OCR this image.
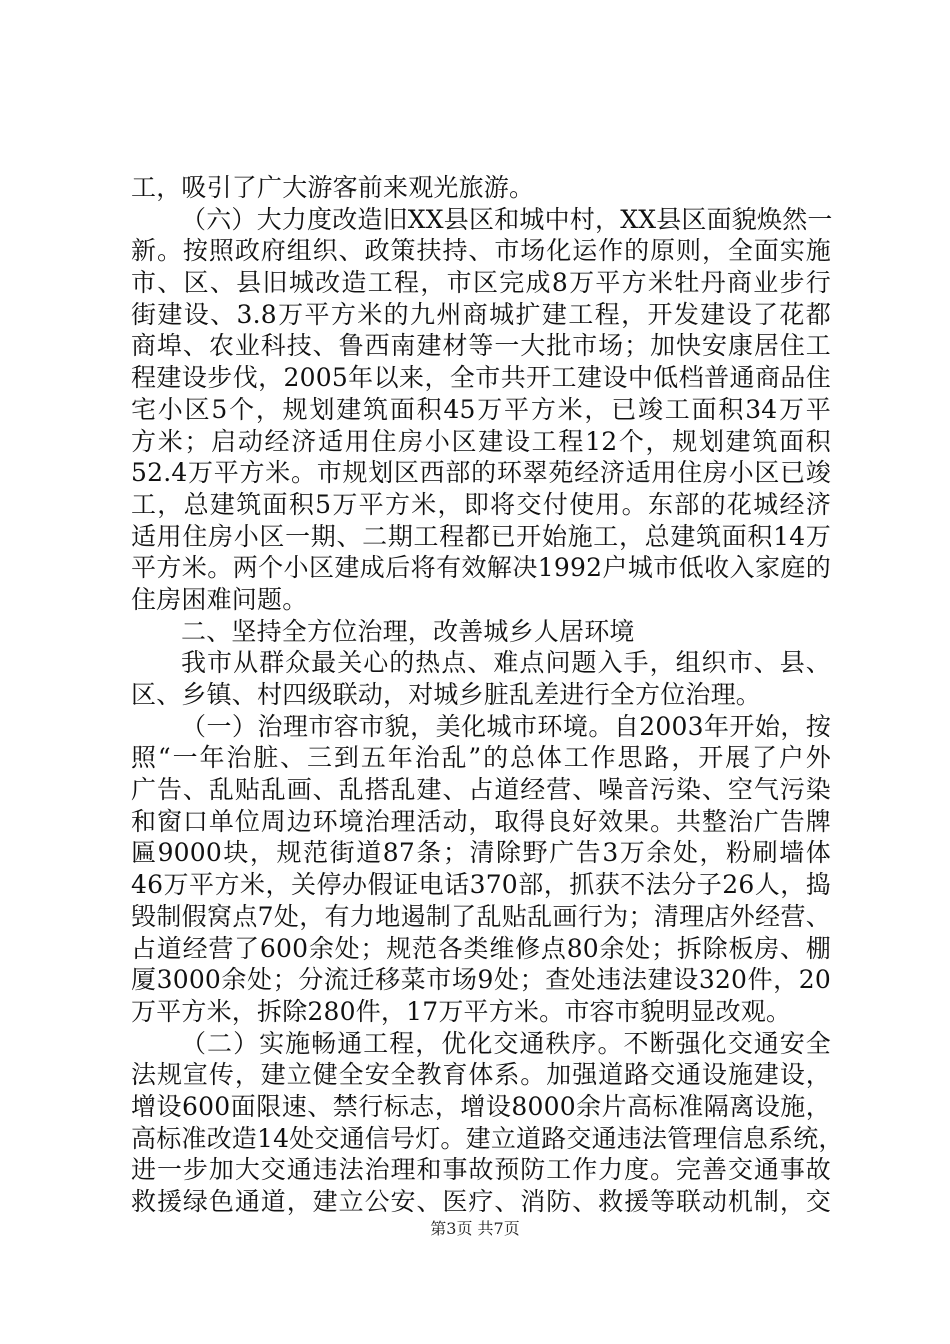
工，吸引了广大游客前来观光旅游。
（六）大力度改造旧XX县区和城中村，XX县区面貌焕然一
新。按照政府组织、政策扶持、市场化运作的原则，全面实施
市、区、县旧城改造工程，市区完成8万平方米牡丹商业步行
街建设、3.8万平方米的九州商城扩建工程，开发建设了花都
商埠、农业科技、鲁西南建材等一大批市场；加快安康居住工
程建设步伐，2005年以来，全市共开工建设中低档普通商品住
宅小区5个，规划建筑面积45万平方米，已竣工面积34万平
方米；启动经济适用住房小区建设工程12个，规划建筑面积
52.4万平方米。市规划区西部的环翠苑经济适用住房小区已竣
工，总建筑面积5万平方米，即将交付使用。东部的花城经济
适用住房小区一期、二期工程都已开始施工，总建筑面积14万
平方米。两个小区建成后将有效解决1992户城市低收入家庭的
住房困难问题。
二、坚持全方位治理，改善城乡人居环境
我市从群众最关心的热点、难点问题入手，组织市、县、
区、乡镇、村四级联动，对城乡脏乱差进行全方位治理。
（一）治理市容市貌，美化城市环境。自2003年开始，按
照“一年治脏、三到五年治乱”的总体工作思路，开展了户外
广告、乱贴乱画、乱搭乱建、占道经营、噪音污染、空气污染
和窗口单位周边环境治理活动，取得良好效果。共整治广告牌
匾9000块，规范街道87条；清除野广告3万余处，粉刷墙体
46万平方米，关停办假证电话370部，抓获不法分子26人，捣
毁制假窝点7处，有力地遏制了乱贴乱画行为；清理店外经营、
占道经营了600余处；规范各类维修点80余处；拆除板房、棚
厦3000余处；分流迁移菜市场9处；查处违法建设320件，20
万平方米，拆除280件，17万平方米。市容市貌明显改观。
（二）实施畅通工程，优化交通秩序。不断强化交通安全
法规宣传，建立健全安全教育体系。加强道路交通设施建设，
增设600面限速、禁行标志，增设8000余片高标准隔离设施，
高标准改造14处交通信号灯。建立道路交通违法管理信息系统，
进一步加大交通违法治理和事故预防工作力度。完善交通事故
救援绿色通道，建立公安、医疗、消防、救援等联动机制，交
第3页 共7页
